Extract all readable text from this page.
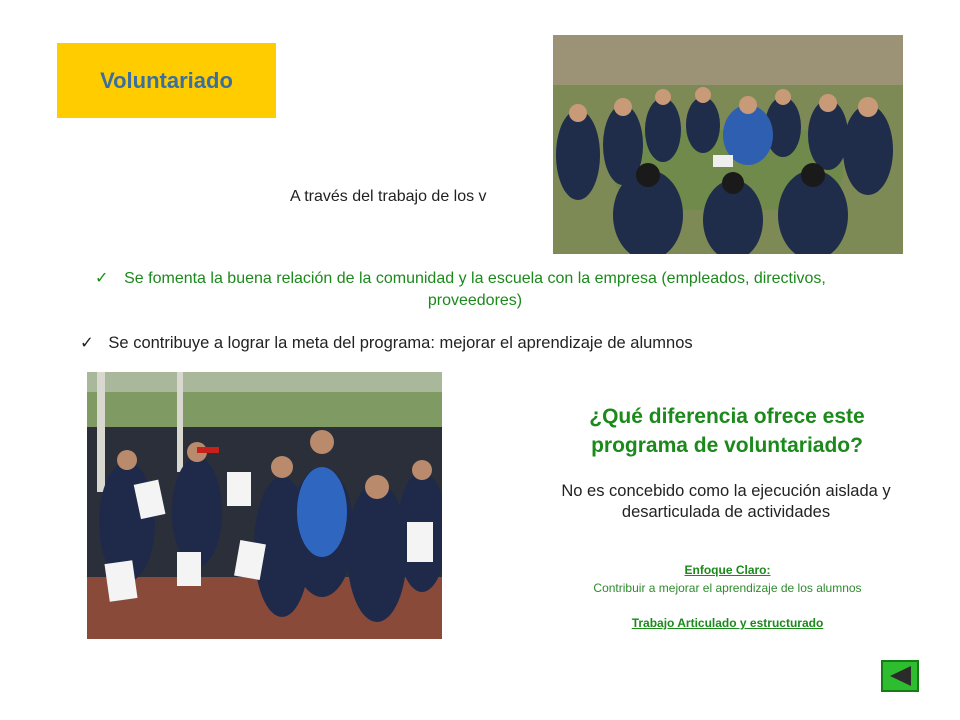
Voluntariado
A través del trabajo de los v
✓ Se fomenta la buena relación de la comunidad y la escuela con la empresa (empleados, directivos, proveedores)
✓ Se contribuye a lograr la meta del programa: mejorar el aprendizaje de alumnos
¿Qué diferencia ofrece este
programa de voluntariado?
No es concebido como la ejecución aislada y
desarticulada de actividades
Enfoque Claro:
Contribuir a mejorar el aprendizaje de los alumnos
Trabajo Articulado y estructurado
